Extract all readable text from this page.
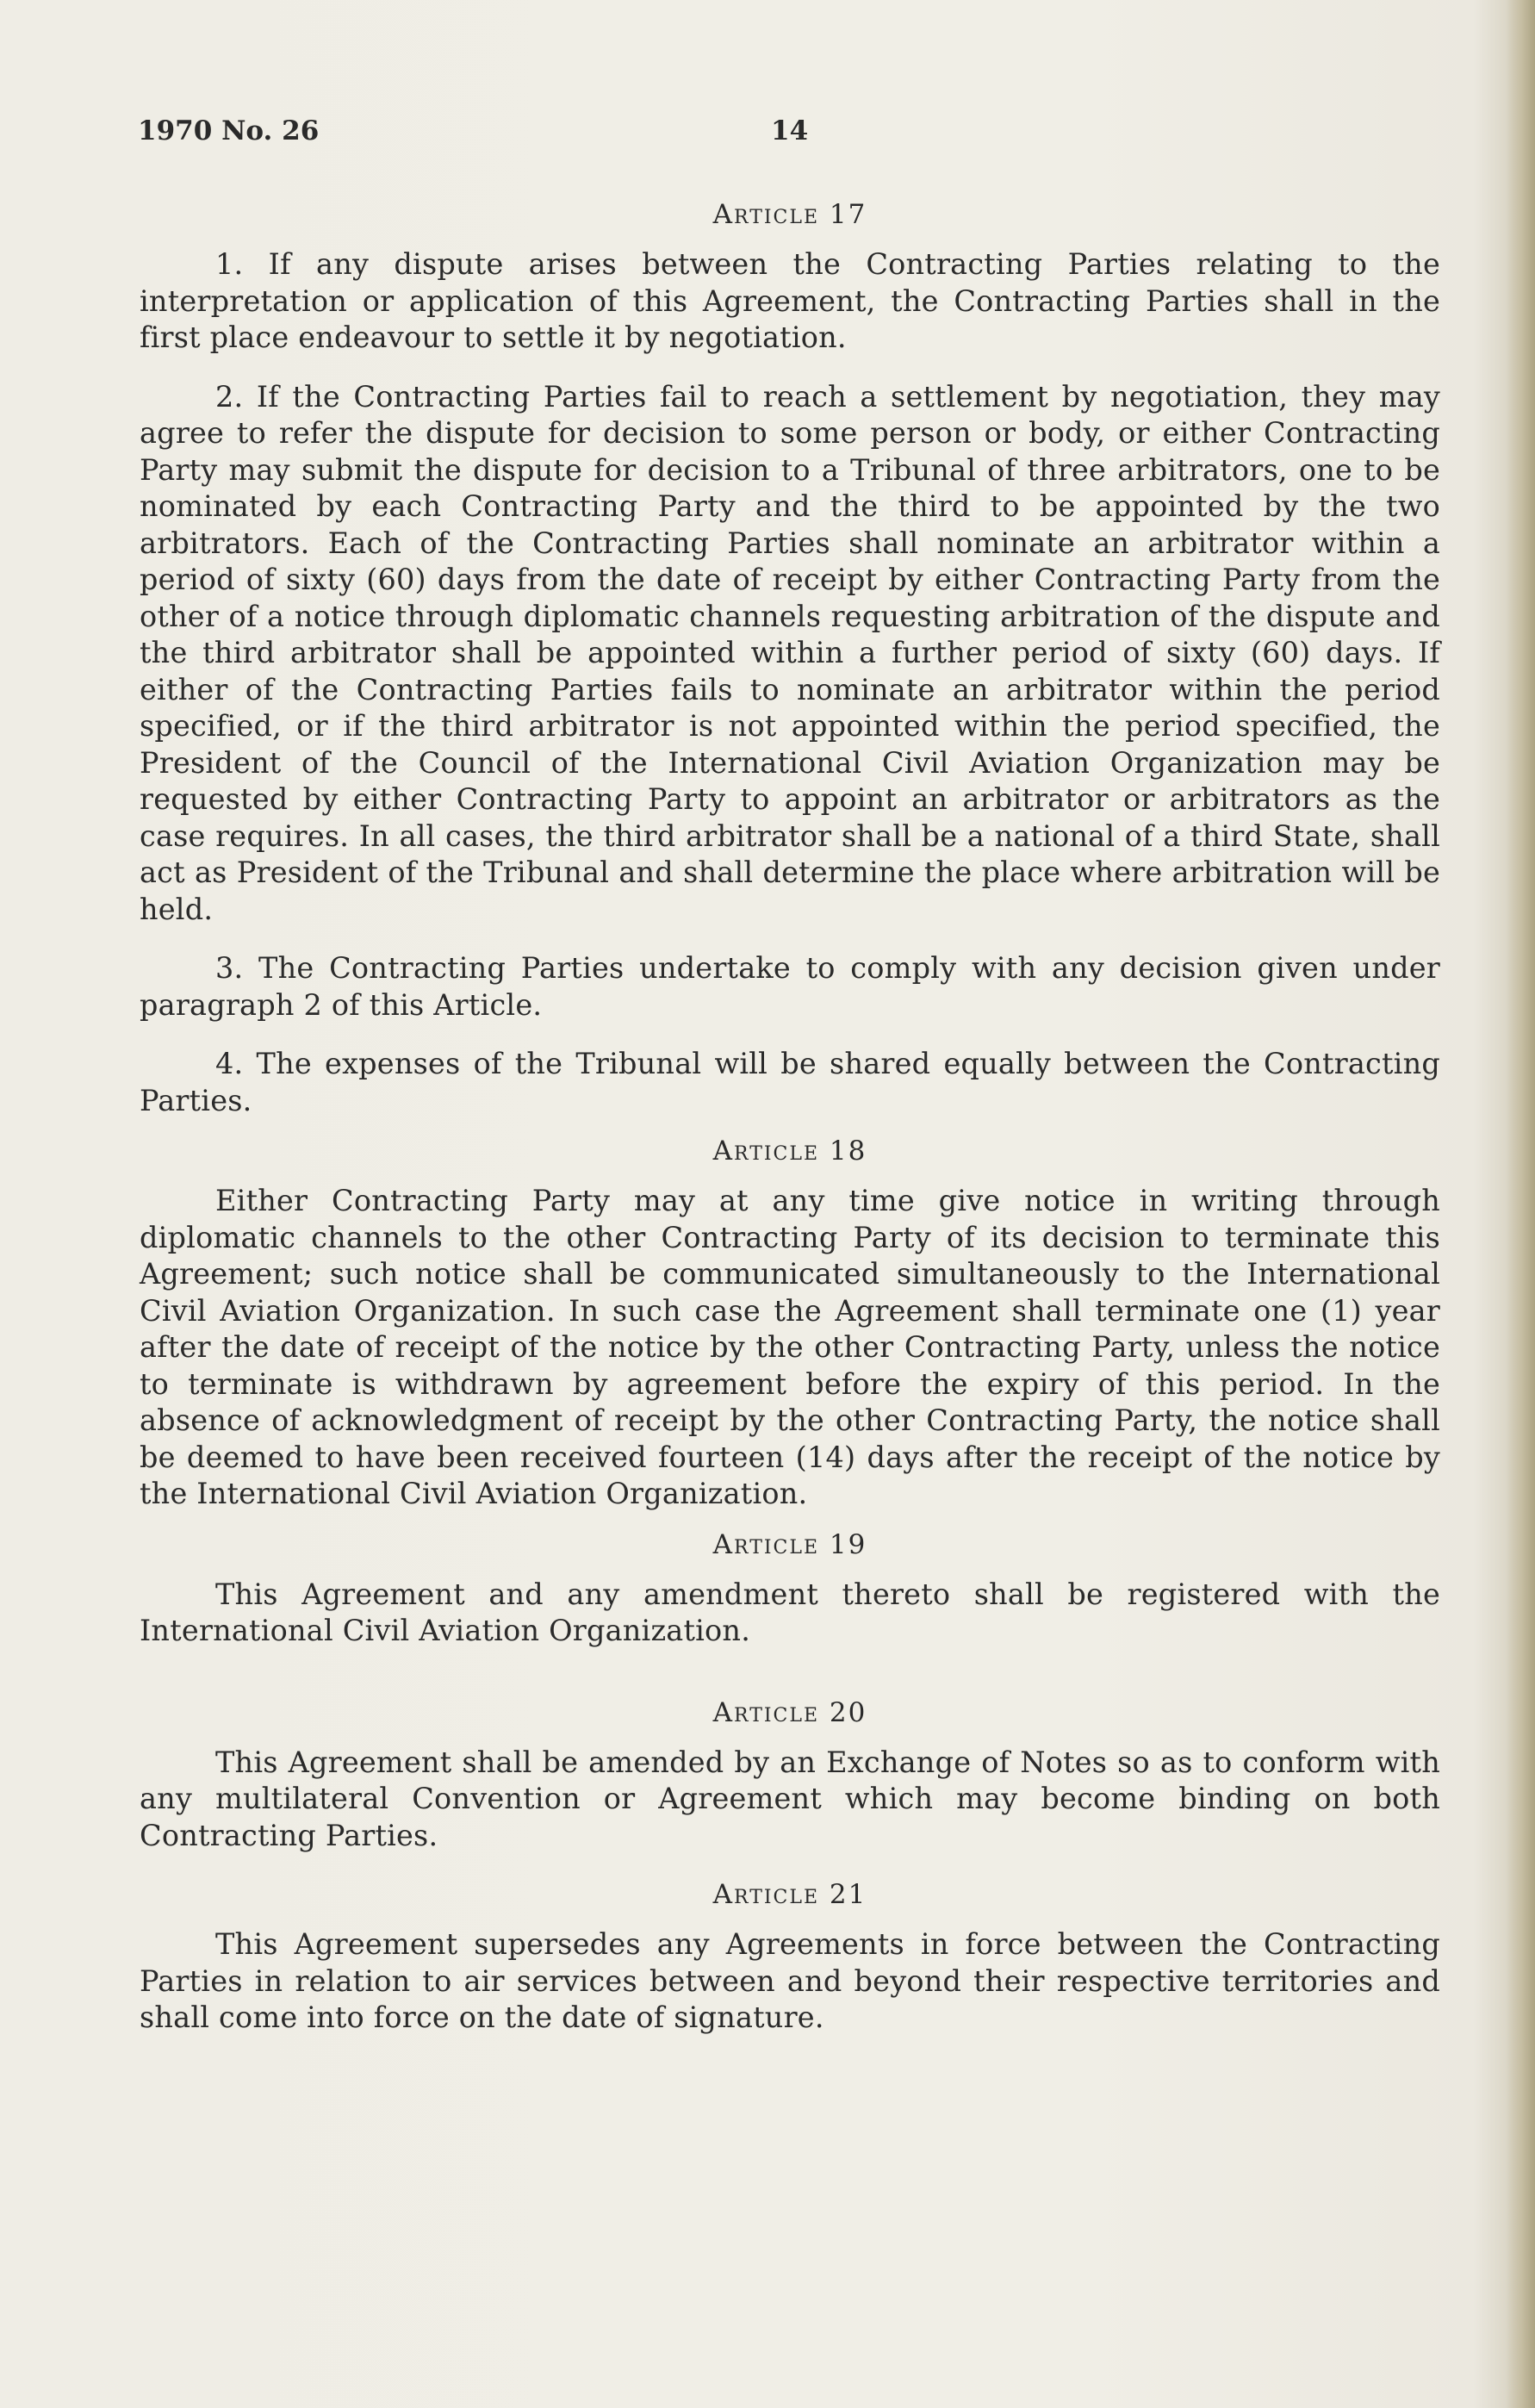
1970 No. 26	14
Article 17

1. If any dispute arises between the Contracting Parties relating to the interpretation or application of this Agreement, the Contracting Parties shall in the first place endeavour to settle it by negotiation.

2. If the Contracting Parties fail to reach a settlement by negotiation, they may agree to refer the dispute for decision to some person or body, or either Contracting Party may submit the dispute for decision to a Tribunal of three arbitrators, one to be nominated by each Contracting Party and the third to be appointed by the two arbitrators. Each of the Contracting Parties shall nominate an arbitrator within a period of sixty (60) days from the date of receipt by either Contracting Party from the other of a notice through diplomatic channels requesting arbitration of the dispute and the third arbitrator shall be appointed within a further period of sixty (60) days. If either of the Contracting Parties fails to nominate an arbitrator within the period specified, or if the third arbitrator is not appointed within the period specified, the President of the Council of the International Civil Aviation Organization may be requested by either Contracting Party to appoint an arbitrator or arbitrators as the case requires. In all cases, the third arbitrator shall be a national of a third State, shall act as President of the Tribunal and shall determine the place where arbitration will be held.

3. The Contracting Parties undertake to comply with any decision given under paragraph 2 of this Article.

4. The expenses of the Tribunal will be shared equally between the Contracting Parties.

Article 18

Either Contracting Party may at any time give notice in writing through diplomatic channels to the other Contracting Party of its decision to terminate this Agreement; such notice shall be communicated simultaneously to the International Civil Aviation Organization. In such case the Agreement shall terminate one (1) year after the date of receipt of the notice by the other Contracting Party, unless the notice to terminate is withdrawn by agreement before the expiry of this period. In the absence of acknowledgment of receipt by the other Contracting Party, the notice shall be deemed to have been received fourteen (14) days after the receipt of the notice by the International Civil Aviation Organization.

Article 19

This Agreement and any amendment thereto shall be registered with the International Civil Aviation Organization.

Article 20

This Agreement shall be amended by an Exchange of Notes so as to conform with any multilateral Convention or Agreement which may become binding on both Contracting Parties.

Article 21

This Agreement supersedes any Agreements in force between the Contracting Parties in relation to air services between and beyond their respective territories and shall come into force on the date of signature.
